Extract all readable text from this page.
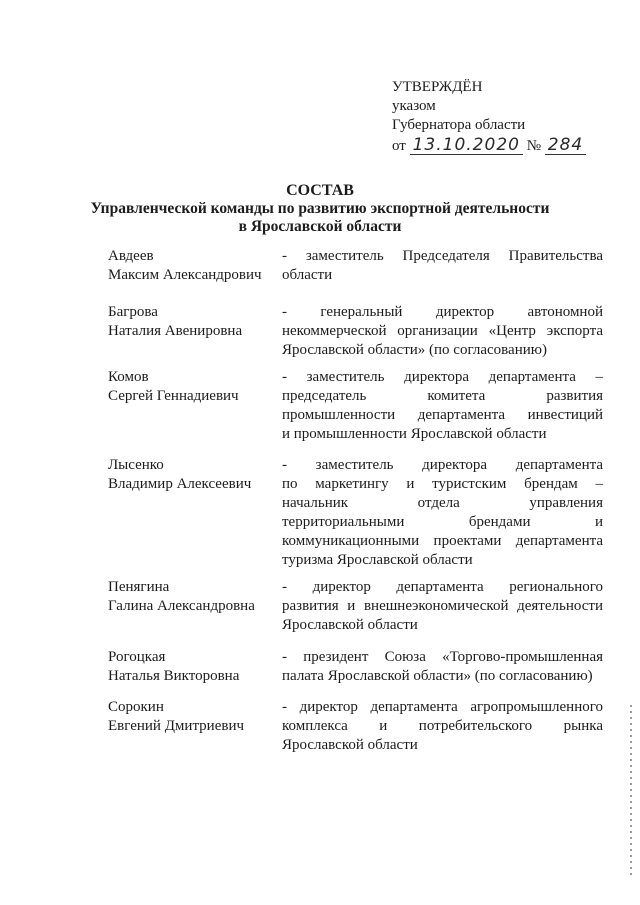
УТВЕРЖДЁН
указом
Губернатора области
от 13.10.2020 № 284
СОСТАВ
Управленческой команды по развитию экспортной деятельности
в Ярославской области
Авдеев
Максим Александрович
- заместитель Председателя Правительства
области
Багрова
Наталия Авенировна
- генеральный директор автономной
некоммерческой организации «Центр экспорта
Ярославской области» (по согласованию)
Комов
Сергей Геннадиевич
- заместитель директора департамента –
председатель комитета развития
промышленности департамента инвестиций
и промышленности Ярославской области
Лысенко
Владимир Алексеевич
- заместитель директора департамента
по маркетингу и туристским брендам –
начальник отдела управления
территориальными брендами и
коммуникационными проектами департамента
туризма Ярославской области
Пенягина
Галина Александровна
- директор департамента регионального
развития и внешнеэкономической деятельности
Ярославской области
Рогоцкая
Наталья Викторовна
- президент Союза «Торгово-промышленная
палата Ярославской области» (по согласованию)
Сорокин
Евгений Дмитриевич
- директор департамента агропромышленного
комплекса и потребительского рынка
Ярославской области
